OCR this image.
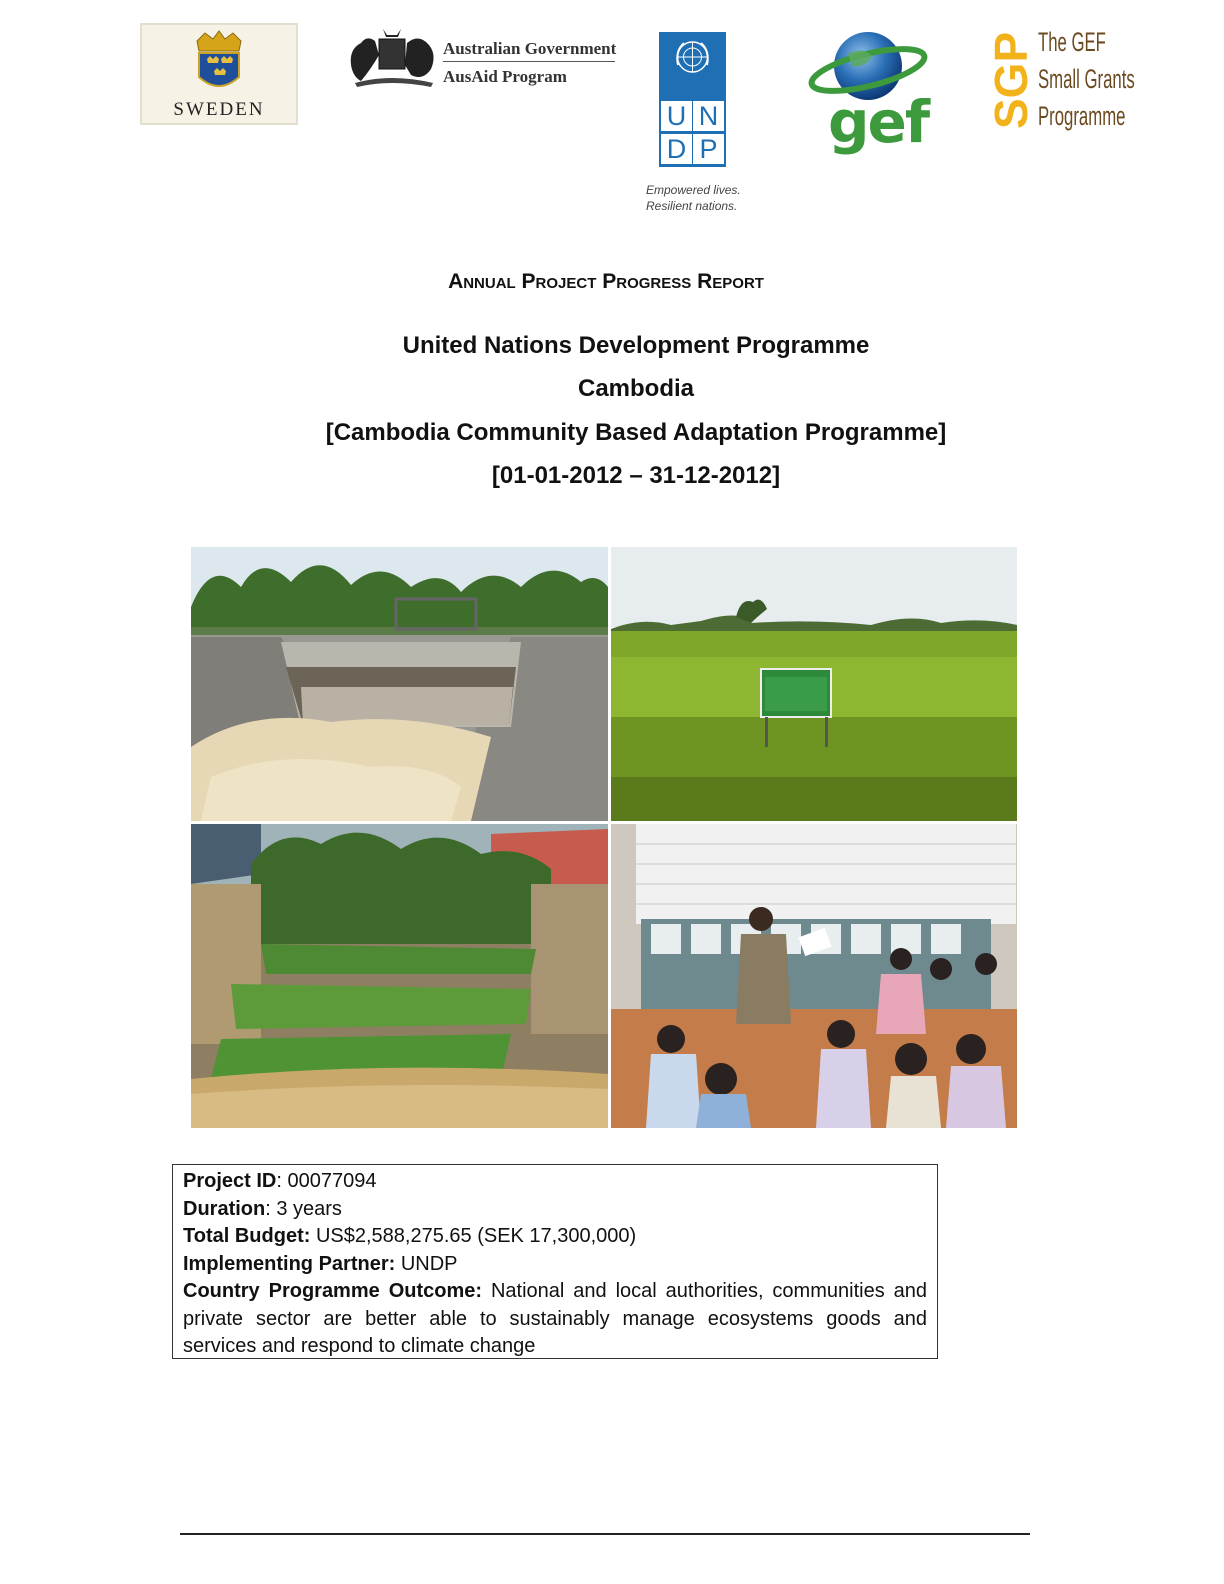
SWEDEN
Australian Government
AusAid Program
U N
D P
Empowered lives.
Resilient nations.
gef SGP The GEF
Small Grants
Programme
Annual Project Progress Report
United Nations Development Programme
Cambodia
[Cambodia Community Based Adaptation Programme]
[01-01-2012 – 31-12-2012]
Project ID: 00077094
Duration: 3 years
Total Budget: US$2,588,275.65 (SEK 17,300,000)
Implementing Partner: UNDP
Country Programme Outcome: National and local authorities, communities and private sector are better able to sustainably manage ecosystems goods and services and respond to climate change
